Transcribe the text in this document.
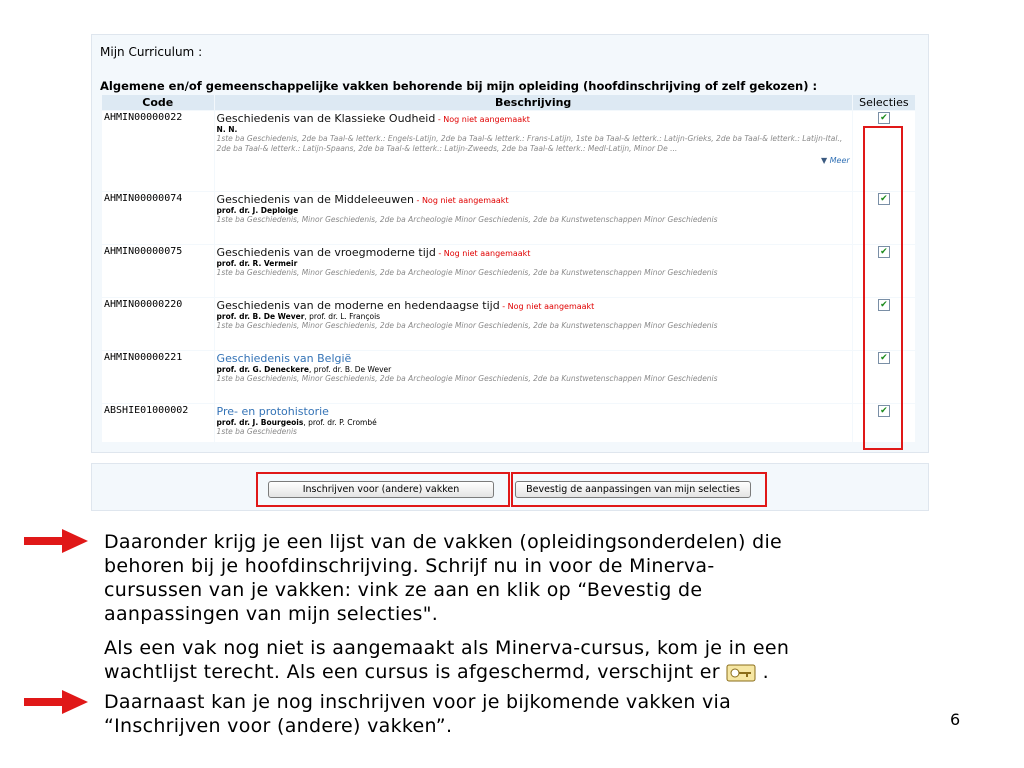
Mijn Curriculum :
Algemene en/of gemeenschappelijke vakken behorende bij mijn opleiding (hoofdinschrijving of zelf gekozen) :
Code	Beschrijving	Selecties
AHMIN00000022	Geschiedenis van de Klassieke Oudheid - Nog niet aangemaakt
N. N.
1ste ba Geschiedenis, 2de ba Taal-& letterk.: Engels-Latijn, 2de ba Taal-& letterk.: Frans-Latijn, 1ste ba Taal-& letterk.: Latijn-Grieks, 2de ba Taal-& letterk.: Latijn-Ital., 2de ba Taal-& letterk.: Latijn-Spaans, 2de ba Taal-& letterk.: Latijn-Zweeds, 2de ba Taal-& letterk.: Medl-Latijn, Minor De ...
▼ Meer	✔
AHMIN00000074	Geschiedenis van de Middeleeuwen - Nog niet aangemaakt
prof. dr. J. Deploige
1ste ba Geschiedenis, Minor Geschiedenis, 2de ba Archeologie Minor Geschiedenis, 2de ba Kunstwetenschappen Minor Geschiedenis	✔
AHMIN00000075	Geschiedenis van de vroegmoderne tijd - Nog niet aangemaakt
prof. dr. R. Vermeir
1ste ba Geschiedenis, Minor Geschiedenis, 2de ba Archeologie Minor Geschiedenis, 2de ba Kunstwetenschappen Minor Geschiedenis	✔
AHMIN00000220	Geschiedenis van de moderne en hedendaagse tijd - Nog niet aangemaakt
prof. dr. B. De Wever, prof. dr. L. François
1ste ba Geschiedenis, Minor Geschiedenis, 2de ba Archeologie Minor Geschiedenis, 2de ba Kunstwetenschappen Minor Geschiedenis	✔
AHMIN00000221	Geschiedenis van België
prof. dr. G. Deneckere, prof. dr. B. De Wever
1ste ba Geschiedenis, Minor Geschiedenis, 2de ba Archeologie Minor Geschiedenis, 2de ba Kunstwetenschappen Minor Geschiedenis	✔
ABSHIE01000002	Pre- en protohistorie
prof. dr. J. Bourgeois, prof. dr. P. Crombé
1ste ba Geschiedenis	✔
Inschrijven voor (andere) vakken	Bevestig de aanpassingen van mijn selecties
Daaronder krijg je een lijst van de vakken (opleidingsonderdelen) die
behoren bij je hoofdinschrijving. Schrijf nu in voor de Minerva-
cursussen van je vakken: vink ze aan en klik op “Bevestig de
aanpassingen van mijn selecties".
Als een vak nog niet is aangemaakt als Minerva-cursus, kom je in een
wachtlijst terecht. Als een cursus is afgeschermd, verschijnt er .
Daarnaast kan je nog inschrijven voor je bijkomende vakken via
“Inschrijven voor (andere) vakken”.	6
